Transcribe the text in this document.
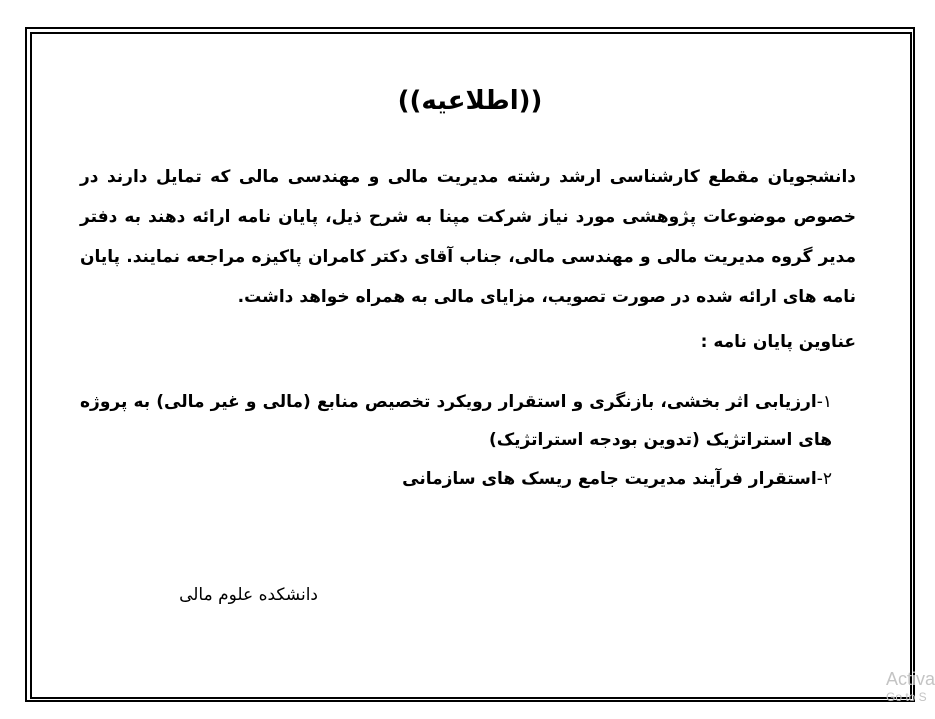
((اطلاعیه))
دانشجویان مقطع کارشناسی ارشد رشته مدیریت مالی و مهندسی مالی که تمایل دارند در خصوص موضوعات پژوهشی مورد نیاز شرکت مپنا به شرح ذیل، پایان نامه ارائه دهند به دفتر مدیر گروه مدیریت مالی و مهندسی مالی، جناب آقای دکتر کامران پاکیزه مراجعه نمایند. پایان نامه های ارائه شده در صورت تصویب، مزایای مالی به همراه خواهد داشت.
عناوین پایان نامه :
۱-ارزیابی اثر بخشی، بازنگری و استقرار رویکرد تخصیص منابع (مالی و غیر مالی) به پروژه های استراتژیک (تدوین بودجه استراتژیک)
۲-استقرار فرآیند مدیریت جامع ریسک های سازمانی
دانشکده علوم مالی
Activa
Go to S
